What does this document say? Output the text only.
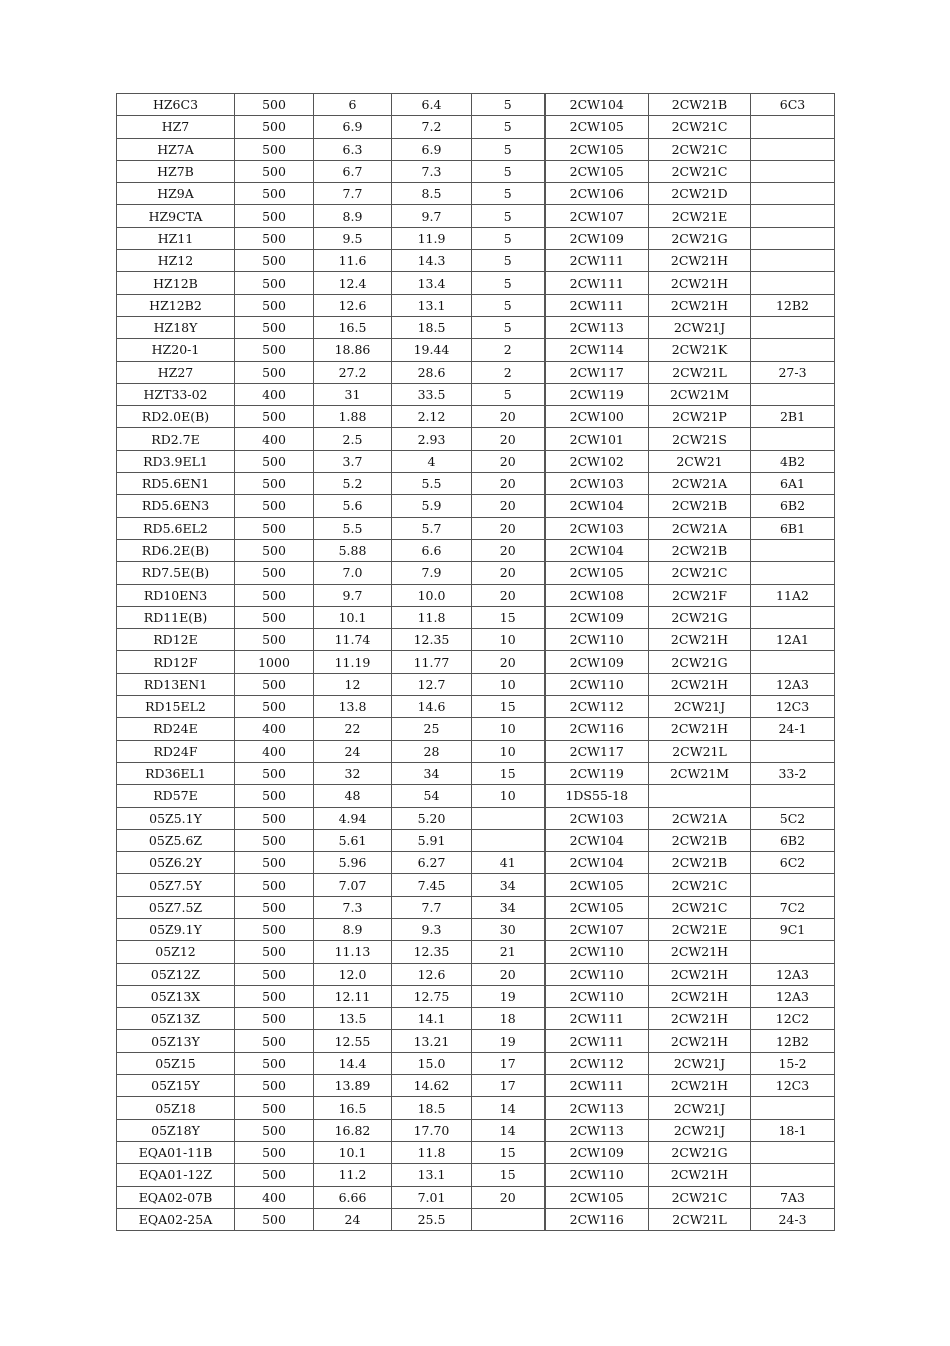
HZ6C3	500	6	6.4	5	2CW104	2CW21B	6C3
HZ7	500	6.9	7.2	5	2CW105	2CW21C	
HZ7A	500	6.3	6.9	5	2CW105	2CW21C	
HZ7B	500	6.7	7.3	5	2CW105	2CW21C	
HZ9A	500	7.7	8.5	5	2CW106	2CW21D	
HZ9CTA	500	8.9	9.7	5	2CW107	2CW21E	
HZ11	500	9.5	11.9	5	2CW109	2CW21G	
HZ12	500	11.6	14.3	5	2CW111	2CW21H	
HZ12B	500	12.4	13.4	5	2CW111	2CW21H	
HZ12B2	500	12.6	13.1	5	2CW111	2CW21H	12B2
HZ18Y	500	16.5	18.5	5	2CW113	2CW21J	
HZ20-1	500	18.86	19.44	2	2CW114	2CW21K	
HZ27	500	27.2	28.6	2	2CW117	2CW21L	27-3
HZT33-02	400	31	33.5	5	2CW119	2CW21M	
RD2.0E(B)	500	1.88	2.12	20	2CW100	2CW21P	2B1
RD2.7E	400	2.5	2.93	20	2CW101	2CW21S	
RD3.9EL1	500	3.7	4	20	2CW102	2CW21	4B2
RD5.6EN1	500	5.2	5.5	20	2CW103	2CW21A	6A1
RD5.6EN3	500	5.6	5.9	20	2CW104	2CW21B	6B2
RD5.6EL2	500	5.5	5.7	20	2CW103	2CW21A	6B1
RD6.2E(B)	500	5.88	6.6	20	2CW104	2CW21B	
RD7.5E(B)	500	7.0	7.9	20	2CW105	2CW21C	
RD10EN3	500	9.7	10.0	20	2CW108	2CW21F	11A2
RD11E(B)	500	10.1	11.8	15	2CW109	2CW21G	
RD12E	500	11.74	12.35	10	2CW110	2CW21H	12A1
RD12F	1000	11.19	11.77	20	2CW109	2CW21G	
RD13EN1	500	12	12.7	10	2CW110	2CW21H	12A3
RD15EL2	500	13.8	14.6	15	2CW112	2CW21J	12C3
RD24E	400	22	25	10	2CW116	2CW21H	24-1
RD24F	400	24	28	10	2CW117	2CW21L	
RD36EL1	500	32	34	15	2CW119	2CW21M	33-2
RD57E	500	48	54	10	1DS55-18		
05Z5.1Y	500	4.94	5.20		2CW103	2CW21A	5C2
05Z5.6Z	500	5.61	5.91		2CW104	2CW21B	6B2
05Z6.2Y	500	5.96	6.27	41	2CW104	2CW21B	6C2
05Z7.5Y	500	7.07	7.45	34	2CW105	2CW21C	
05Z7.5Z	500	7.3	7.7	34	2CW105	2CW21C	7C2
05Z9.1Y	500	8.9	9.3	30	2CW107	2CW21E	9C1
05Z12	500	11.13	12.35	21	2CW110	2CW21H	
05Z12Z	500	12.0	12.6	20	2CW110	2CW21H	12A3
05Z13X	500	12.11	12.75	19	2CW110	2CW21H	12A3
05Z13Z	500	13.5	14.1	18	2CW111	2CW21H	12C2
05Z13Y	500	12.55	13.21	19	2CW111	2CW21H	12B2
05Z15	500	14.4	15.0	17	2CW112	2CW21J	15-2
05Z15Y	500	13.89	14.62	17	2CW111	2CW21H	12C3
05Z18	500	16.5	18.5	14	2CW113	2CW21J	
05Z18Y	500	16.82	17.70	14	2CW113	2CW21J	18-1
EQA01-11B	500	10.1	11.8	15	2CW109	2CW21G	
EQA01-12Z	500	11.2	13.1	15	2CW110	2CW21H	
EQA02-07B	400	6.66	7.01	20	2CW105	2CW21C	7A3
EQA02-25A	500	24	25.5		2CW116	2CW21L	24-3
